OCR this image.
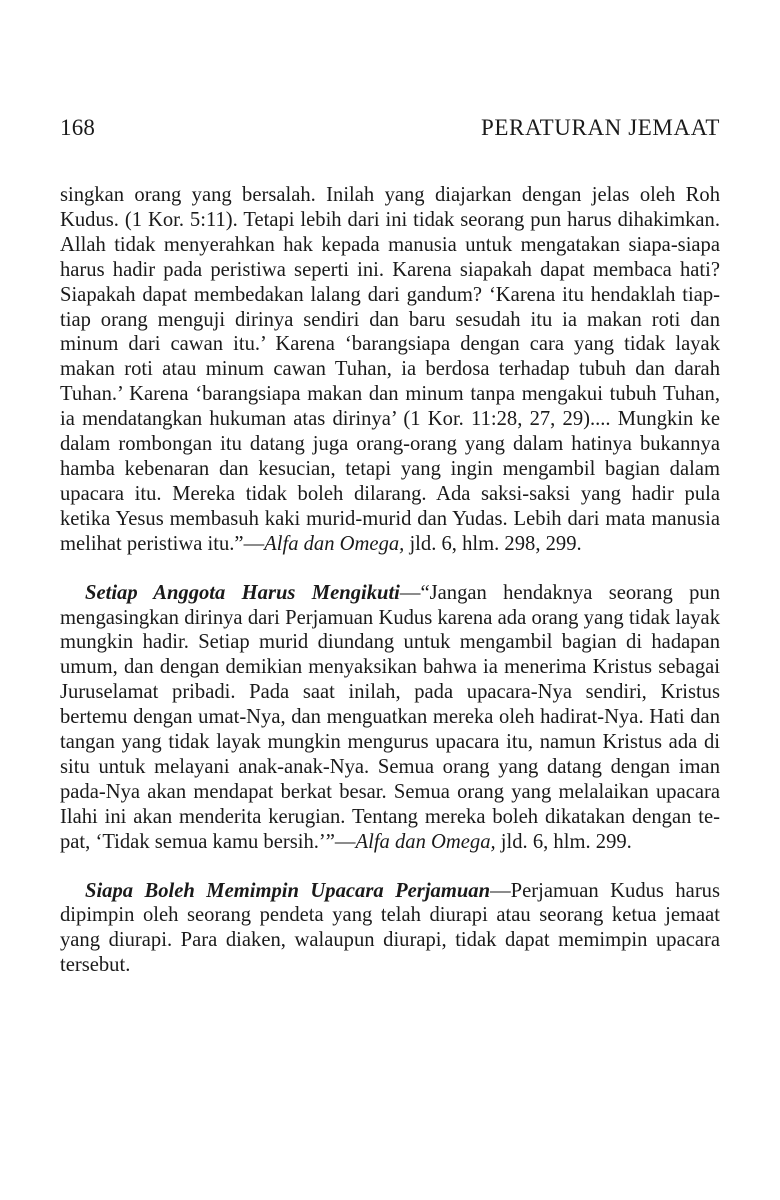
168	PERATURAN JEMAAT

singkan orang yang bersalah. Inilah yang diajarkan dengan jelas oleh Roh Kudus. (1 Kor. 5:11). Tetapi lebih dari ini tidak seorang pun harus dihakimkan. Allah tidak menyerahkan hak kepada manusia untuk mengatakan siapa-siapa harus hadir pada peristiwa seperti ini. Karena siapakah dapat membaca hati? Siapakah dapat membedakan lalang dari gandum? ‘Karena itu hendaklah tiap-tiap orang menguji dirinya sendiri dan baru sesudah itu ia makan roti dan minum dari cawan itu.’ Karena ‘barangsiapa dengan cara yang tidak layak makan roti atau minum cawan Tuhan, ia berdosa terhadap tubuh dan darah Tuhan.’ Karena ‘barangsiapa makan dan minum tanpa mengakui tubuh Tuhan, ia mendatangkan hukuman atas dirinya’ (1 Kor. 11:28, 27, 29).... Mungkin ke dalam rombongan itu datang juga orang-orang yang dalam hatinya bukannya hamba kebenaran dan kesucian, tetapi yang ingin mengambil bagian dalam upacara itu. Mereka tidak boleh dilarang. Ada saksi-saksi yang hadir pula ketika Yesus membasuh kaki murid-murid dan Yudas. Lebih dari mata manusia melihat peristiwa itu.”—Alfa dan Omega, jld. 6, hlm. 298, 299.

Setiap Anggota Harus Mengikuti—“Jangan hendaknya seorang pun mengasingkan dirinya dari Perjamuan Kudus karena ada orang yang tidak layak mungkin hadir. Setiap murid diundang untuk mengambil bagian di hadapan umum, dan dengan demikian menyaksikan bahwa ia menerima Kristus sebagai Juruselamat pribadi. Pada saat inilah, pada upacara-Nya sendiri, Kristus bertemu dengan umat-Nya, dan menguatkan mereka oleh hadirat-Nya. Hati dan tangan yang tidak layak mungkin mengurus upacara itu, namun Kristus ada di situ untuk melayani anak-anak-Nya. Semua orang yang datang dengan iman pada-Nya akan mendapat berkat besar. Semua orang yang melalaikan upacara Ilahi ini akan menderita kerugian. Tentang mereka boleh dikatakan dengan tepat, ‘Tidak semua kamu bersih.’”—Alfa dan Omega, jld. 6, hlm. 299.

Siapa Boleh Memimpin Upacara Perjamuan—Perjamuan Kudus harus dipimpin oleh seorang pendeta yang telah diurapi atau seorang ketua jemaat yang diurapi. Para diaken, walaupun diurapi, tidak dapat memimpin upacara tersebut.
